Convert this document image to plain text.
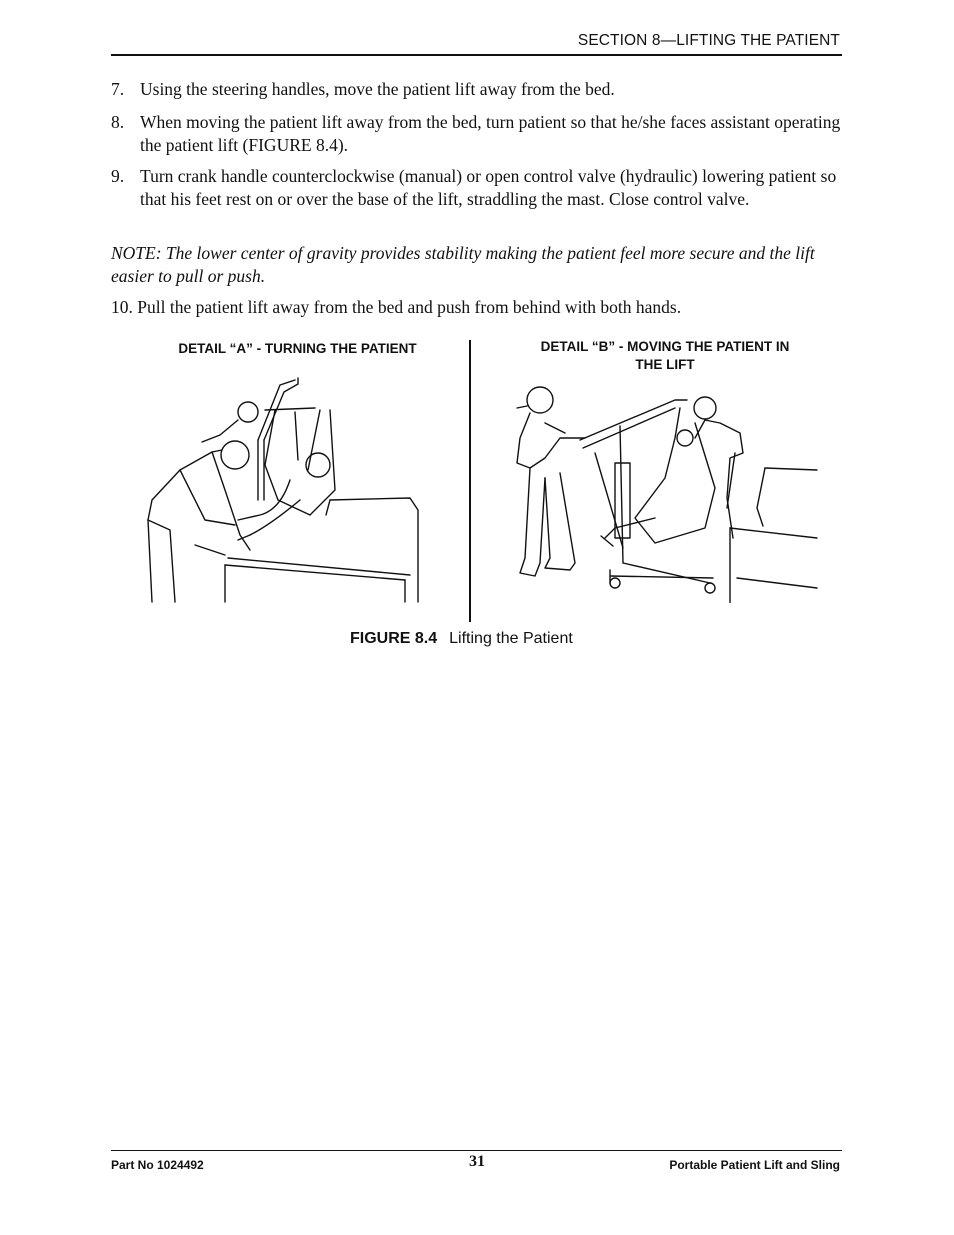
SECTION 8—LIFTING THE PATIENT
7. Using the steering handles, move the patient lift away from the bed.
8. When moving the patient lift away from the bed, turn patient so that he/she faces assistant operating the patient lift (FIGURE 8.4).
9. Turn crank handle counterclockwise (manual) or open control valve (hydraulic) lowering patient so that his feet rest on or over the base of the lift, straddling the mast. Close control valve.
NOTE: The lower center of gravity provides stability making the patient feel more secure and the lift easier to pull or push.
10. Pull the patient lift away from the bed and push from behind with both hands.
DETAIL “A” - TURNING THE PATIENT	DETAIL “B” - MOVING THE PATIENT IN
THE LIFT
FIGURE 8.4 Lifting the Patient
Part No 1024492	31	Portable Patient Lift and Sling
